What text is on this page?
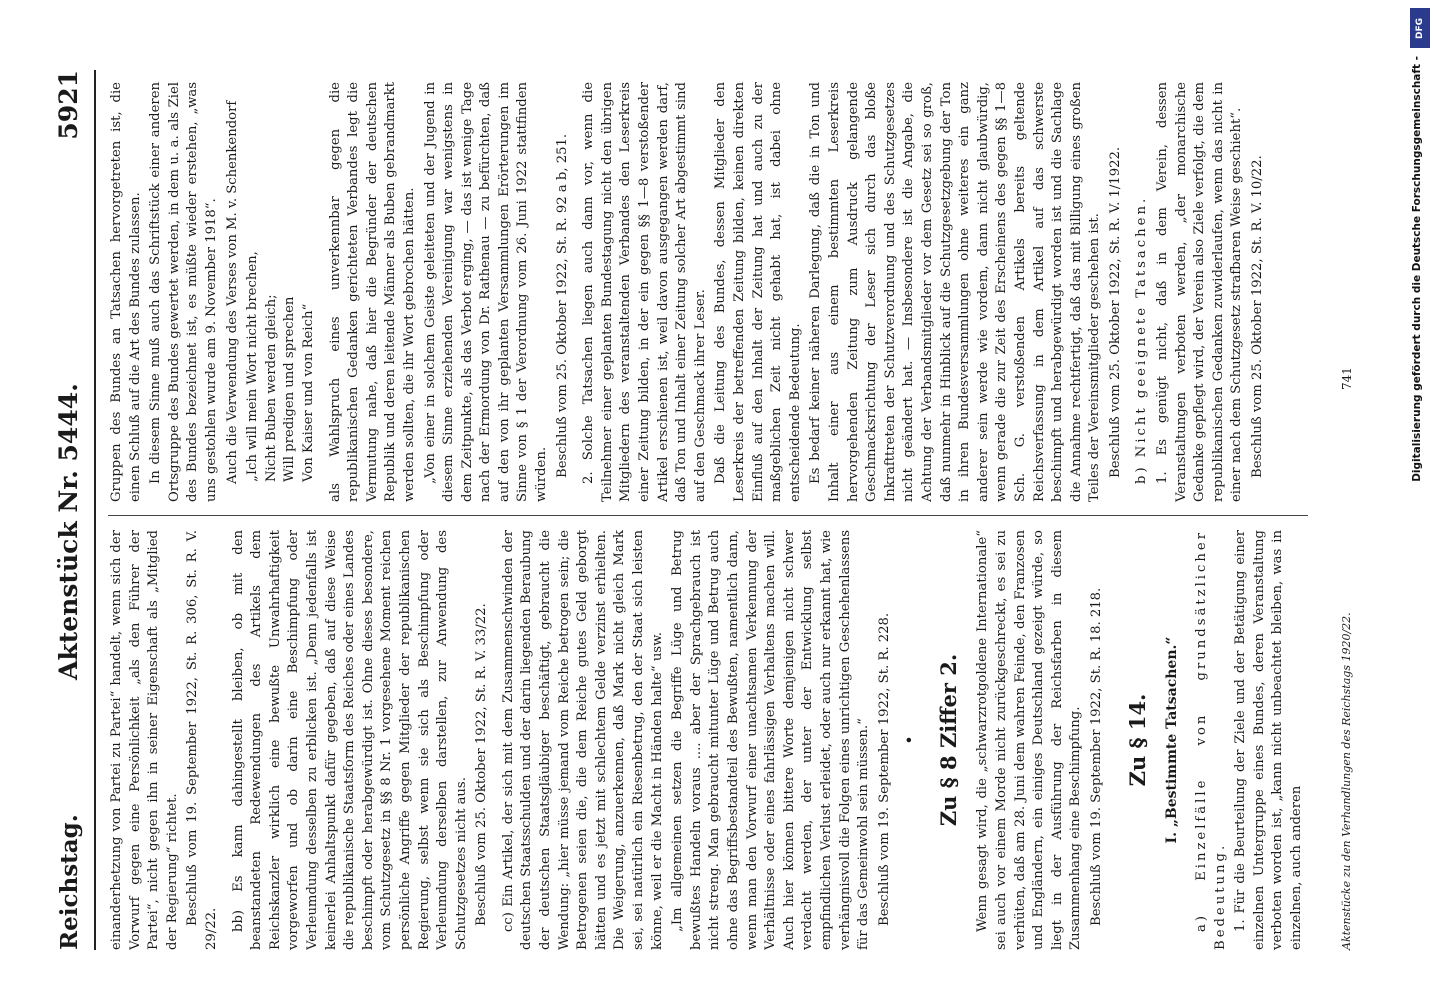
Reichstag.
Aktenstück Nr. 5444.
5921

einanderhetzung von Partei zu Partei“ handelt, wenn sich der Vorwurf gegen eine Persönlichkeit „als den Führer der Partei“, nicht gegen ihn in seiner Eigenschaft als „Mitglied der Regierung“ richtet. Beschluß vom 19. September 1922, St. R. 306, St. R. V. 29/22. bb) Es kann dahingestellt bleiben, ob mit den beanstandeten Redewendungen des Artikels dem Reichskanzler wirklich eine bewußte Unwahrhaftigkeit vorgeworfen und ob darin eine Beschimpfung oder Verleumdung desselben zu erblicken ist. „Denn jedenfalls ist keinerlei Anhaltspunkt dafür gegeben, daß auf diese Weise die republikanische Staatsform des Reiches oder eines Landes beschimpft oder herabgewürdigt ist. Ohne dieses besondere, vom Schutzgesetz in §§ 8 Nr. 1 vorgesehene Moment reichen persönliche Angriffe gegen Mitglieder der republikanischen Regierung, selbst wenn sie sich als Beschimpfung oder Verleumdung derselben darstellen, zur Anwendung des Schutzgesetzes nicht aus. Beschluß vom 25. Oktober 1922, St. R. V. 33/22. cc) Ein Artikel, der sich mit dem Zusammenschwinden der deutschen Staatsschulden und der darin liegenden Beraubung der deutschen Staatsgläubiger beschäftigt, gebraucht die Wendung: „hier müsse jemand vom Reiche betrogen sein; die Betrogenen seien die, die dem Reiche gutes Geld geborgt hätten und es jetzt mit schlechtem Gelde verzinst erhielten. Die Weigerung, anzuerkennen, daß Mark nicht gleich Mark sei, sei natürlich ein Riesenbetrug, den der Staat sich leisten könne, weil er die Macht in Händen halte“ usw. „Im allgemeinen setzen die Begriffe Lüge und Betrug bewußtes Handeln voraus .... aber der Sprachgebrauch ist nicht streng. Man gebraucht mitunter Lüge und Betrug auch ohne das Begriffsbestandteil des Bewußten, namentlich dann, wenn man den Vorwurf einer unachtsamen Verkennung der Verhältnisse oder eines fahrlässigen Verhaltens machen will. Auch hier können bittere Worte demjenigen nicht schwer verdacht werden, der unter der Entwicklung selbst empfindlichen Verlust erleidet, oder auch nur erkannt hat, wie verhängnisvoll die Folgen eines unrichtigen Geschehenlassens für das Gemeinwohl sein müssen.“ Beschluß vom 19. September 1922, St. R. 228. • Zu § 8 Ziffer 2. Wenn gesagt wird, die „schwarzrotgoldene Internationale“ sei auch vor einem Morde nicht zurückgeschreckt, es sei zu verhüten, daß am 28. Juni dem wahren Feinde, den Franzosen und Engländern, ein einiges Deutschland gezeigt würde, so liegt in der Ausführung der Reichsfarben in diesem Zusammenhang eine Beschimpfung. Beschluß vom 19. September 1922, St. R. 18. 218. Zu § 14. I. „Bestimmte Tatsachen.“ a) Einzelfälle von grundsätzlicher Bedeutung. 1. Für die Beurteilung der Ziele und der Betätigung einer einzelnen Untergruppe eines Bundes, deren Veranstaltung verboten worden ist, „kann nicht unbeachtet bleiben, was in einzelnen, auch anderen

Gruppen des Bundes an Tatsachen hervorgetreten ist, die einen Schluß auf die Art des Bundes zulassen. In diesem Sinne muß auch das Schriftstück einer anderen Ortsgruppe des Bundes gewertet werden, in dem u. a. als Ziel des Bundes bezeichnet ist, es müßte wieder erstehen, „was uns gestohlen wurde am 9. November 1918“. Auch die Verwendung des Verses von M. v. Schenkendorf „Ich will mein Wort nicht brechen, Nicht Buben werden gleich; Will predigen und sprechen Von Kaiser und von Reich“ als Wahlspruch eines unverkennbar gegen die republikanischen Gedanken gerichteten Verbandes legt die Vermutung nahe, daß hier die Begründer der deutschen Republik und deren leitende Männer als Buben gebrandmarkt werden sollten, die ihr Wort gebrochen hätten. „Von einer in solchem Geiste geleiteten und der Jugend in diesem Sinne erziehenden Vereinigung war wenigstens in dem Zeitpunkte, als das Verbot erging, — das ist wenige Tage nach der Ermordung von Dr. Rathenau — zu befürchten, daß auf den von ihr geplanten Versammlungen Erörterungen im Sinne von § 1 der Verordnung vom 26. Juni 1922 stattfinden würden. Beschluß vom 25. Oktober 1922, St. R. 92 a b, 251. 2. Solche Tatsachen liegen auch dann vor, wenn die Teilnehmer einer geplanten Bundestagung nicht den übrigen Mitgliedern des veranstaltenden Verbandes den Leserkreis einer Zeitung bilden, in der ein gegen §§ 1—8 verstoßender Artikel erschienen ist, weil davon ausgegangen werden darf, daß Ton und Inhalt einer Zeitung solcher Art abgestimmt sind auf den Geschmack ihrer Leser. Daß die Leitung des Bundes, dessen Mitglieder den Leserkreis der betreffenden Zeitung bilden, keinen direkten Einfluß auf den Inhalt der Zeitung hat und auch zu der maßgeblichen Zeit nicht gehabt hat, ist dabei ohne entscheidende Bedeutung. Es bedarf keiner näheren Darlegung, daß die in Ton und Inhalt einer aus einem bestimmten Leserkreis hervorgehenden Zeitung zum Ausdruck gelangende Geschmacksrichtung der Leser sich durch das bloße Inkrafttreten der Schutzverordnung und des Schutzgesetzes nicht geändert hat. — Insbesondere ist die Angabe, die Achtung der Verbandsmitglieder vor dem Gesetz sei so groß, daß nunmehr in Hinblick auf die Schutzgesetzgebung der Ton in ihren Bundesversammlungen ohne weiteres ein ganz anderer sein werde wie vordem, dann nicht glaubwürdig, wenn gerade die zur Zeit des Erscheinens des gegen §§ 1—8 Sch. G. verstoßenden Artikels bereits geltende Reichsverfassung in dem Artikel auf das schwerste beschimpft und herabgewürdigt worden ist und die Sachlage die Annahme rechtfertigt, daß das mit Billigung eines großen Teiles der Vereinsmitglieder geschehen ist. Beschluß vom 25. Oktober 1922, St. R. V. 1/1922. b) Nicht geeignete Tatsachen. 1. Es genügt nicht, daß in dem Verein, dessen Veranstaltungen verboten werden, „der monarchische Gedanke gepflegt wird, der Verein also Ziele verfolgt, die dem republikanischen Gedanken zuwiderlaufen, wenn das nicht in einer nach dem Schutzgesetz strafbaren Weise geschieht“. Beschluß vom 25. Oktober 1922, St. R. V. 10/22.

Aktenstücke zu den Verhandlungen des Reichstags 1920/22.
741
DFG
Digitalisierung gefördert durch die Deutsche Forschungsgemeinschaft -
